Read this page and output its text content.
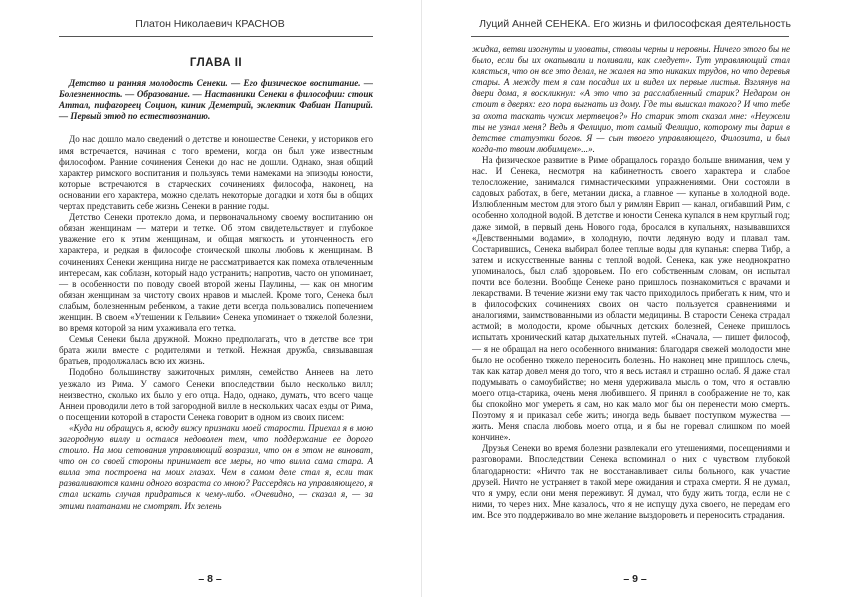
Платон Николаевич КРАСНОВ
ГЛАВА II

Детство и ранняя молодость Сенеки. — Его физическое воспитание. — Болезненность. — Образование. — Наставники Сенеки в философии: стоик Аттал, пифагореец Социон, киник Деметрий, эклектик Фабиан Папирий. — Первый этюд по естествознанию.

До нас дошло мало сведений о детстве и юношестве Сенеки, у историков его имя встречается, начиная с того времени, когда он был уже известным философом. Ранние сочинения Сенеки до нас не дошли. Однако, зная общий характер римского воспитания и пользуясь теми намеками на эпизоды юности, которые встречаются в старческих сочинениях философа, наконец, на основании его характера, можно сделать некоторые догадки и хотя бы в общих чертах представить себе жизнь Сенеки в ранние годы.

Детство Сенеки протекло дома, и первоначальному своему воспитанию он обязан женщинам — матери и тетке. Об этом свидетельствует и глубокое уважение его к этим женщинам, и общая мягкость и утонченность его характера, и редкая в философе стоической школы любовь к женщинам. В сочинениях Сенеки женщина нигде не рассматривается как помеха отвлеченным интересам, как соблазн, который надо устранить; напротив, часто он упоминает, — в особенности по поводу своей второй жены Паулины, — как он многим обязан женщинам за чистоту своих нравов и мыслей. Кроме того, Сенека был слабым, болезненным ребенком, а такие дети всегда пользовались попечением женщин. В своем «Утешении к Гельвии» Сенека упоминает о тяжелой болезни, во время которой за ним ухаживала его тетка.

Семья Сенеки была дружной. Можно предполагать, что в детстве все три брата жили вместе с родителями и теткой. Нежная дружба, связывавшая братьев, продолжалась всю их жизнь.

Подобно большинству зажиточных римлян, семейство Аннеев на лето уезжало из Рима. У самого Сенеки впоследствии было несколько вилл; неизвестно, сколько их было у его отца. Надо, однако, думать, что всего чаще Аннеи проводили лето в той загородной вилле в нескольких часах езды от Рима, о посещении которой в старости Сенека говорит в одном из своих писем:

«Куда ни обращусь я, всюду вижу признаки моей старости. Приехал я в мою загородную виллу и остался недоволен тем, что поддержание ее дорого стоило. На мои сетования управляющий возразил, что он в этом не виноват, что он со своей стороны принимает все меры, но что вилла сама стара. А вилла эта построена на моих глазах. Чем в самом деле стал я, если так разваливаются камни одного возраста со мною? Рассердясь на управляющего, я стал искать случая придраться к чему-либо. «Очевидно, — сказал я, — за этими платанами не смотрят. Их зелень

– 8 –
Луций Анней СЕНЕКА. Его жизнь и философская деятельность

жидка, ветви изогнуты и уловаты, стволы черны и неровны. Ничего этого бы не было, если бы их окапывали и поливали, как следует». Тут управляющий стал клясться, что он все это делал, не жалея на это никаких трудов, но что деревья стары. А между тем я сам посадил их и видел их первые листья. Взглянув на двери дома, я воскликнул: «А это что за расслабленный старик? Недаром он стоит в дверях: его пора выгнать из дому. Где ты выискал такого? И что тебе за охота таскать чужих мертвецов?» Но старик этот сказал мне: «Неужели ты не узнал меня? Ведь я Фелицио, тот самый Фелицио, которому ты дарил в детстве статуэтки богов. Я — сын твоего управляющего, Филозита, и был когда-то твоим любимцем»...».

На физическое развитие в Риме обращалось гораздо больше внимания, чем у нас. И Сенека, несмотря на кабинетность своего характера и слабое телосложение, занимался гимнастическими упражнениями. Они состояли в садовых работах, в беге, метании диска, а главное — купанье в холодной воде. Излюбленным местом для этого был у римлян Еврип — канал, огибавший Рим, с особенно холодной водой. В детстве и юности Сенека купался в нем круглый год; даже зимой, в первый день Нового года, бросался в купальнях, называвшихся «Девственными водами», в холодную, почти ледяную воду и плавал там. Состарившись, Сенека выбирал более теплые воды для купанья: сперва Тибр, а затем и искусственные ванны с теплой водой. Сенека, как уже неоднократно упоминалось, был слаб здоровьем. По его собственным словам, он испытал почти все болезни. Вообще Сенеке рано пришлось познакомиться с врачами и лекарствами. В течение жизни ему так часто приходилось прибегать к ним, что и в философских сочинениях своих он часто пользуется сравнениями и аналогиями, заимствованными из области медицины. В старости Сенека страдал астмой; в молодости, кроме обычных детских болезней, Сенеке пришлось испытать хронический катар дыхательных путей. «Сначала, — пишет философ, — я не обращал на него особенного внимания: благодаря свежей молодости мне было не особенно тяжело переносить болезнь. Но наконец мне пришлось слечь, так как катар довел меня до того, что я весь истаял и страшно ослаб. Я даже стал подумывать о самоубийстве; но меня удерживала мысль о том, что я оставлю моего отца-старика, очень меня любившего. Я принял в соображение не то, как бы спокойно мог умереть я сам, но как мало мог бы он перенести мою смерть. Поэтому я и приказал себе жить; иногда ведь бывает поступком мужества — жить. Меня спасла любовь моего отца, и я бы не горевал слишком по моей кончине».

Друзья Сенеки во время болезни развлекали его утешениями, посещениями и разговорами. Впоследствии Сенека вспоминал о них с чувством глубокой благодарности: «Ничто так не восстанавливает силы больного, как участие друзей. Ничто не устраняет в такой мере ожидания и страха смерти. Я не думал, что я умру, если они меня переживут. Я думал, что буду жить тогда, если не с ними, то через них. Мне казалось, что я не испущу духа своего, не передам его им. Все это поддерживало во мне желание выздороветь и переносить страдания.

– 9 –
